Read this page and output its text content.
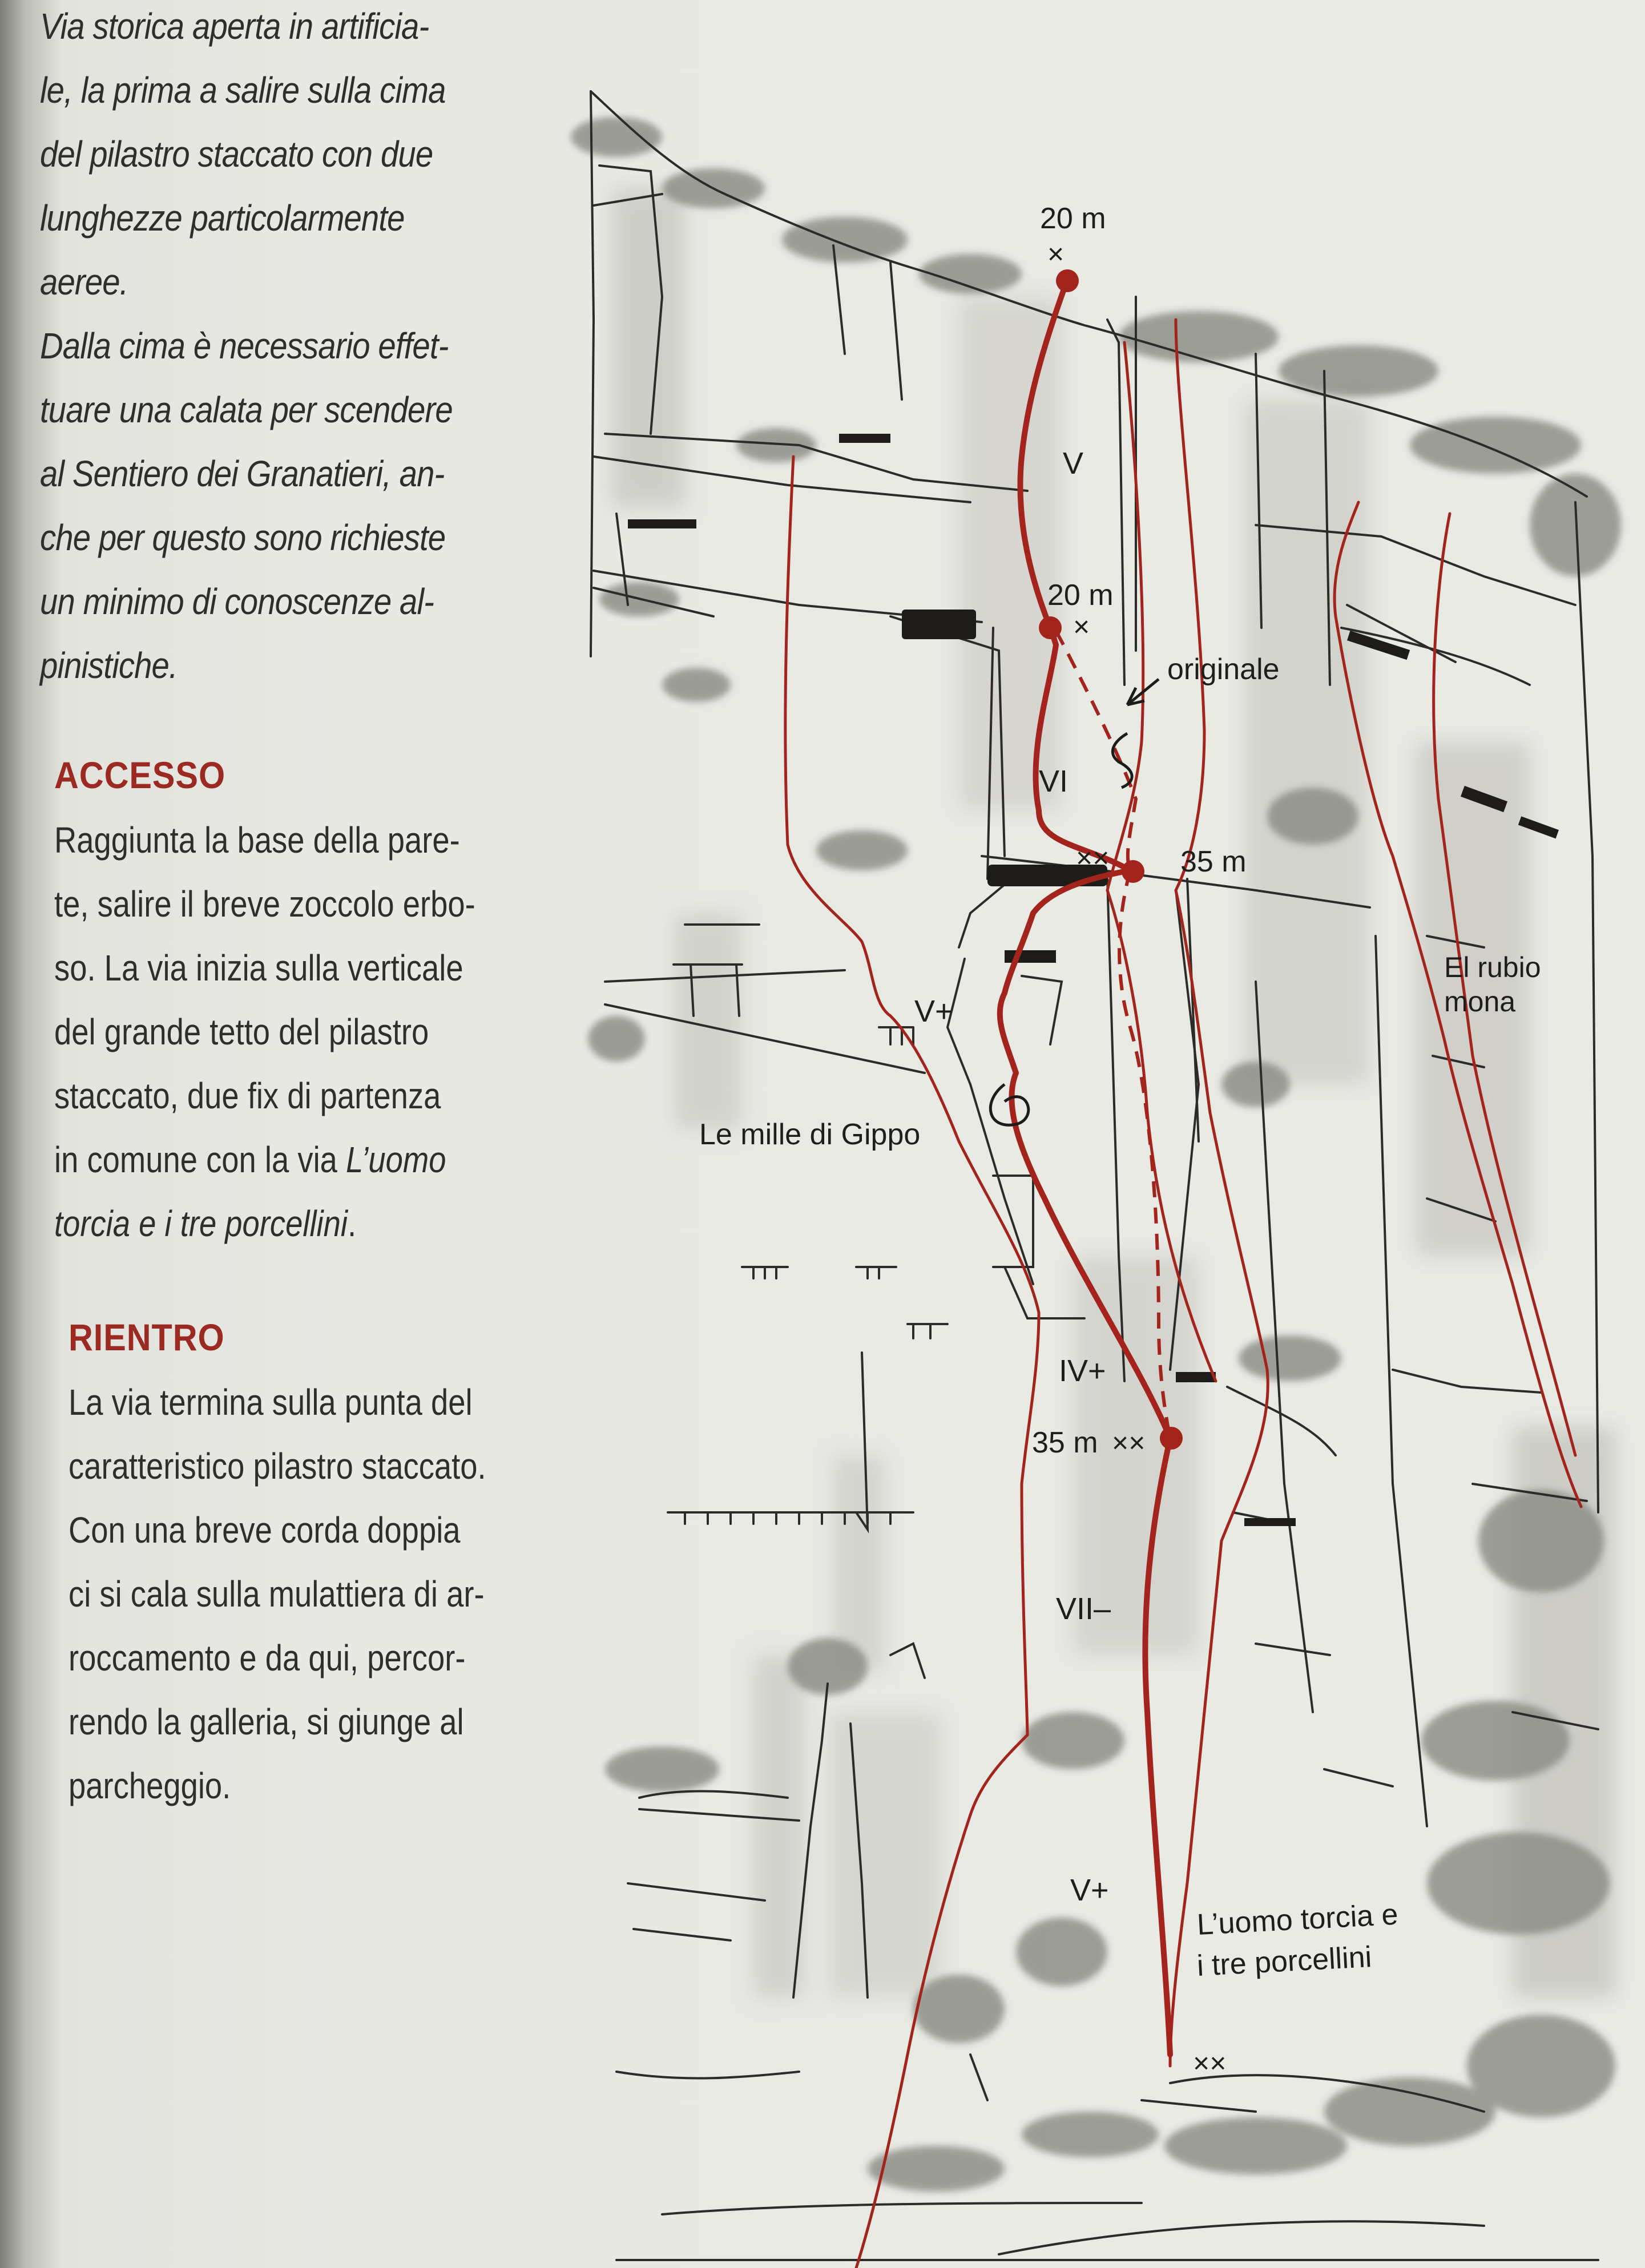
Via storica aperta in artificia-

le, la prima a salire sulla cima

del pilastro staccato con due

lunghezze particolarmente

aeree.

Dalla cima è necessario effet-

tuare una calata per scendere

al Sentiero dei Granatieri, an-

che per questo sono richieste

un minimo di conoscenze al-

pinistiche.

ACCESSO

Raggiunta la base della pare-

te, salire il breve zoccolo erbo-

so. La via inizia sulla verticale

del grande tetto del pilastro

staccato, due fix di partenza

in comune con la via L’uomo

torcia e i tre porcellini.

RIENTRO

La via termina sulla punta del

caratteristico pilastro staccato.

Con una breve corda doppia

ci si cala sulla mulattiera di ar-

roccamento e da qui, percor-

rendo la galleria, si giunge al

parcheggio.

20 m
×
20 m
×
×× 35 m
35 m ××
××
V
VI
V+
IV+
VII–
V+
originale
Le mille di Gippo
El rubio
mona
L’uomo torcia e
i tre porcellini
